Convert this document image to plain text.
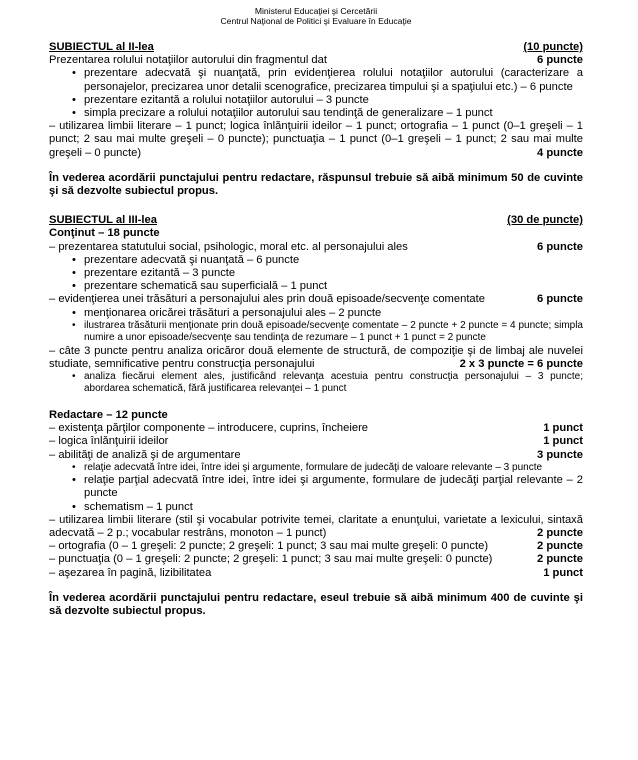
Ministerul Educaţiei şi Cercetării
Centrul Naţional de Politici şi Evaluare în Educaţie
SUBIECTUL al II-lea	(10 puncte)
Prezentarea rolului notaţiilor autorului din fragmentul dat	6 puncte
• prezentare adecvată şi nuanţată, prin evidenţierea rolului notaţiilor autorului (caracterizare a personajelor, precizarea unor detalii scenografice, precizarea timpului şi a spaţiului etc.) – 6 puncte
• prezentare ezitantă a rolului notaţiilor autorului – 3 puncte
• simpla precizare a rolului notaţiilor autorului sau tendinţă de generalizare – 1 punct
– utilizarea limbii literare – 1 punct; logica înlănţuirii ideilor – 1 punct; ortografia – 1 punct (0–1 greşeli – 1 punct; 2 sau mai multe greşeli – 0 puncte); punctuaţia – 1 punct (0–1 greşeli – 1 punct; 2 sau mai multe greşeli – 0 puncte)	4 puncte
În vederea acordării punctajului pentru redactare, răspunsul trebuie să aibă minimum 50 de cuvinte şi să dezvolte subiectul propus.
SUBIECTUL al III-lea	(30 de puncte)
Conţinut – 18 puncte
– prezentarea statutului social, psihologic, moral etc. al personajului ales	6 puncte
• prezentare adecvată şi nuanţată – 6 puncte
• prezentare ezitantă – 3 puncte
• prezentare schematică sau superficială – 1 punct
– evidenţierea unei trăsături a personajului ales prin două episoade/secvenţe comentate	6 puncte
• menţionarea oricărei trăsături a personajului ales – 2 puncte
• ilustrarea trăsăturii menţionate prin două episoade/secvenţe comentate – 2 puncte + 2 puncte = 4 puncte; simpla numire a unor episoade/secvenţe sau tendinţa de rezumare – 1 punct + 1 punct = 2 puncte
– câte 3 puncte pentru analiza oricăror două elemente de structură, de compoziţie şi de limbaj ale nuvelei studiate, semnificative pentru construcţia personajului	2 x 3 puncte = 6 puncte
• analiza fiecărui element ales, justificând relevanţa acestuia pentru construcţia personajului – 3 puncte; abordarea schematică, fără justificarea relevanţei – 1 punct
Redactare – 12 puncte
– existenţa părţilor componente – introducere, cuprins, încheiere	1 punct
– logica înlănţuirii ideilor	1 punct
– abilităţi de analiză şi de argumentare	3 puncte
• relaţie adecvată între idei, între idei şi argumente, formulare de judecăţi de valoare relevante – 3 puncte
• relaţie parţial adecvată între idei, între idei şi argumente, formulare de judecăţi parţial relevante – 2 puncte
• schematism – 1 punct
– utilizarea limbii literare (stil şi vocabular potrivite temei, claritate a enunţului, varietate a lexicului, sintaxă adecvată – 2 p.; vocabular restrâns, monoton – 1 punct)	2 puncte
– ortografia (0 – 1 greşeli: 2 puncte; 2 greşeli: 1 punct; 3 sau mai multe greşeli: 0 puncte)	2 puncte
– punctuaţia (0 – 1 greşeli: 2 puncte; 2 greşeli: 1 punct; 3 sau mai multe greşeli: 0 puncte)	2 puncte
– aşezarea în pagină, lizibilitatea	1 punct
În vederea acordării punctajului pentru redactare, eseul trebuie să aibă minimum 400 de cuvinte şi să dezvolte subiectul propus.
